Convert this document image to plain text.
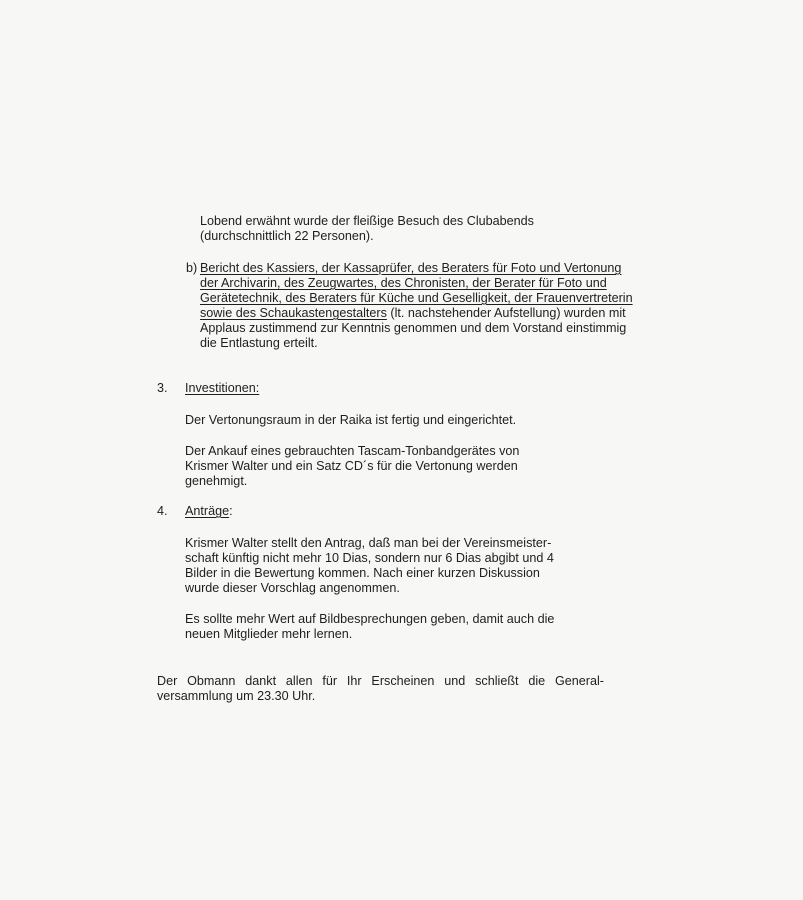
Lobend erwähnt wurde der fleißige Besuch des Clubabends

(durchschnittlich 22 Personen).

b) Bericht des Kassiers, der Kassaprüfer, des Beraters für Foto und Vertonung

der Archivarin, des Zeugwartes, des Chronisten, der Berater für Foto und

Gerätetechnik, des Beraters für Küche und Geselligkeit, der Frauenvertreterin

sowie des Schaukastengestalters (lt. nachstehender Aufstellung) wurden mit

Applaus zustimmend zur Kenntnis genommen und dem Vorstand einstimmig

die Entlastung erteilt.

3. Investitionen:

Der Vertonungsraum in der Raika ist fertig und eingerichtet.

Der Ankauf eines gebrauchten Tascam-Tonbandgerätes von

Krismer Walter und ein Satz CD´s für die Vertonung werden

genehmigt.

4. Anträge:

Krismer Walter stellt den Antrag, daß man bei der Vereinsmeister-

schaft künftig nicht mehr 10 Dias, sondern nur 6 Dias abgibt und 4

Bilder in die Bewertung kommen. Nach einer kurzen Diskussion

wurde dieser Vorschlag angenommen.

Es sollte mehr Wert auf Bildbesprechungen geben, damit auch die

neuen Mitglieder mehr lernen.

Der Obmann dankt allen für Ihr Erscheinen und schließt die General-

versammlung um 23.30 Uhr.
